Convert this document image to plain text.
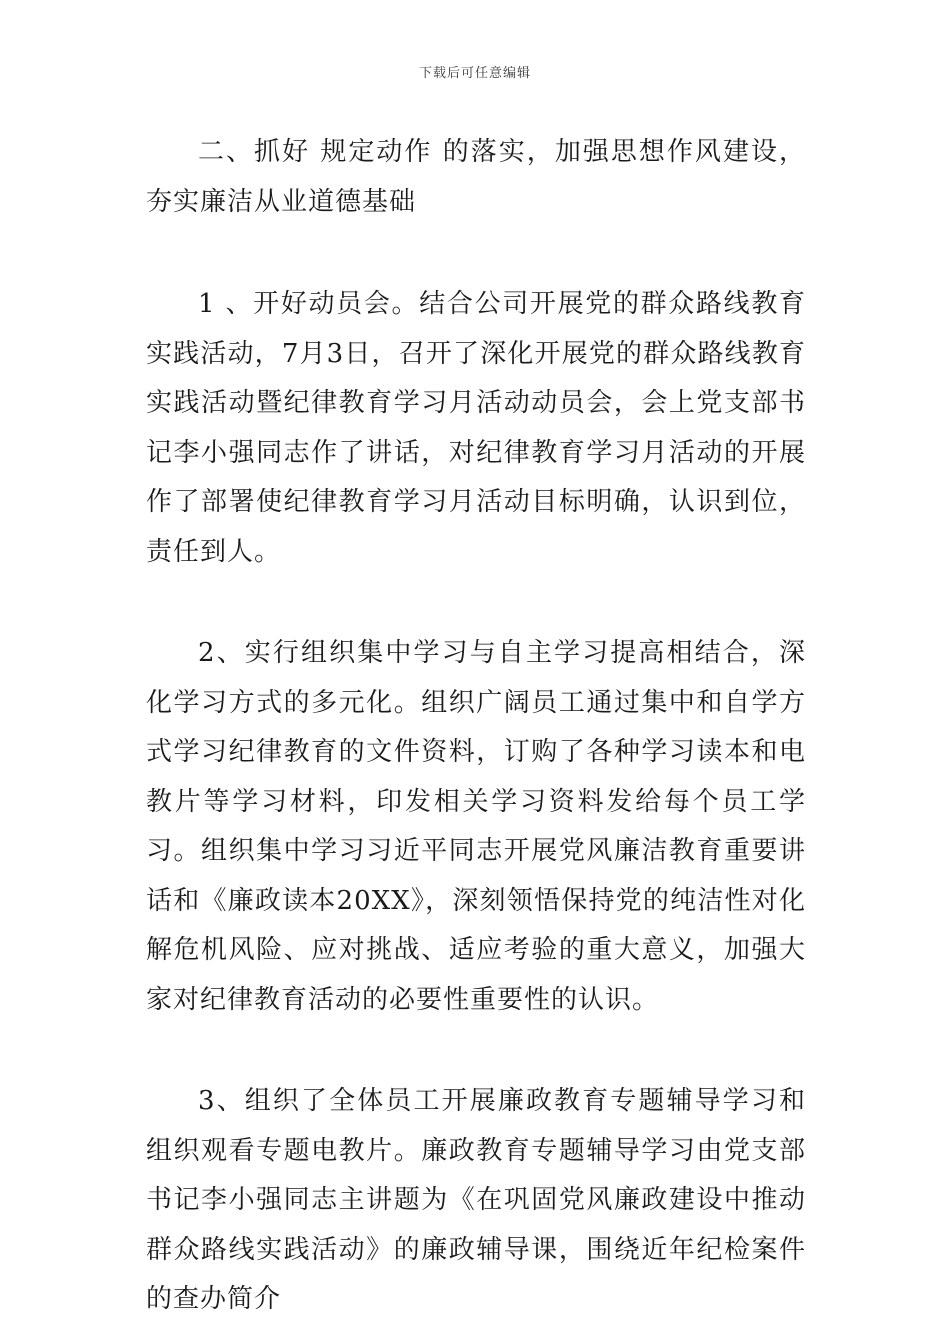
下载后可任意编辑

二、抓好 规定动作 的落实，加强思想作风建设，夯实廉洁从业道德基础

1 、开好动员会。结合公司开展党的群众路线教育实践活动，7月3日，召开了深化开展党的群众路线教育实践活动暨纪律教育学习月活动动员会，会上党支部书记李小强同志作了讲话，对纪律教育学习月活动的开展作了部署使纪律教育学习月活动目标明确，认识到位，责任到人。

2、实行组织集中学习与自主学习提高相结合，深化学习方式的多元化。组织广阔员工通过集中和自学方式学习纪律教育的文件资料，订购了各种学习读本和电教片等学习材料，印发相关学习资料发给每个员工学习。组织集中学习习近平同志开展党风廉洁教育重要讲话和《廉政读本20XX》，深刻领悟保持党的纯洁性对化解危机风险、应对挑战、适应考验的重大意义，加强大家对纪律教育活动的必要性重要性的认识。

3、组织了全体员工开展廉政教育专题辅导学习和组织观看专题电教片。廉政教育专题辅导学习由党支部书记李小强同志主讲题为《在巩固党风廉政建设中推动群众路线实践活动》的廉政辅导课，围绕近年纪检案件的查办简介
